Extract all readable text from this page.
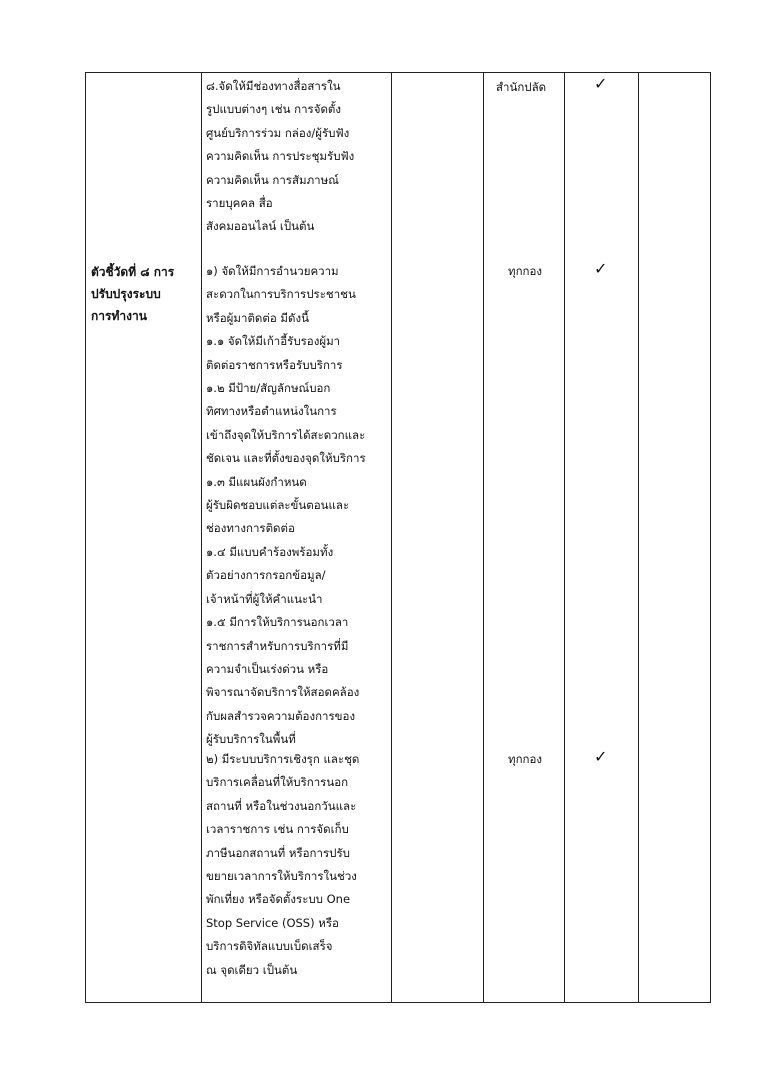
ตัวชี้วัดที่ ๘ การ
ปรับปรุงระบบ
การทำงาน
๘.จัดให้มีช่องทางสื่อสารใน
รูปแบบต่างๆ เช่น การจัดตั้ง
ศูนย์บริการร่วม กล่อง/ผู้รับฟัง
ความคิดเห็น การประชุมรับฟัง
ความคิดเห็น การสัมภาษณ์
รายบุคคล สื่อ
สังคมออนไลน์ เป็นต้น
สำนักปลัด	✓
๑) จัดให้มีการอำนวยความ
สะดวกในการบริการประชาชน
หรือผู้มาติดต่อ มีดังนี้
๑.๑ จัดให้มีเก้าอี้รับรองผู้มา
ติดต่อราชการหรือรับบริการ
๑.๒ มีป้าย/สัญลักษณ์บอก
ทิศทางหรือตำแหน่งในการ
เข้าถึงจุดให้บริการได้สะดวกและ
ชัดเจน และที่ตั้งของจุดให้บริการ
๑.๓ มีแผนผังกำหนด
ผู้รับผิดชอบแต่ละขั้นตอนและ
ช่องทางการติดต่อ
๑.๔ มีแบบคำร้องพร้อมทั้ง
ตัวอย่างการกรอกข้อมูล/
เจ้าหน้าที่ผู้ให้คำแนะนำ
๑.๕ มีการให้บริการนอกเวลา
ราชการสำหรับการบริการที่มี
ความจำเป็นเร่งด่วน หรือ
พิจารณาจัดบริการให้สอดคล้อง
กับผลสำรวจความต้องการของ
ผู้รับบริการในพื้นที่
ทุกกอง	✓
๒) มีระบบบริการเชิงรุก และชุด
บริการเคลื่อนที่ให้บริการนอก
สถานที่ หรือในช่วงนอกวันและ
เวลาราชการ เช่น การจัดเก็บ
ภาษีนอกสถานที่ หรือการปรับ
ขยายเวลาการให้บริการในช่วง
พักเที่ยง หรือจัดตั้งระบบ One
Stop Service (OSS) หรือ
บริการดิจิทัลแบบเบ็ดเสร็จ
ณ จุดเดียว เป็นต้น
ทุกกอง	✓
